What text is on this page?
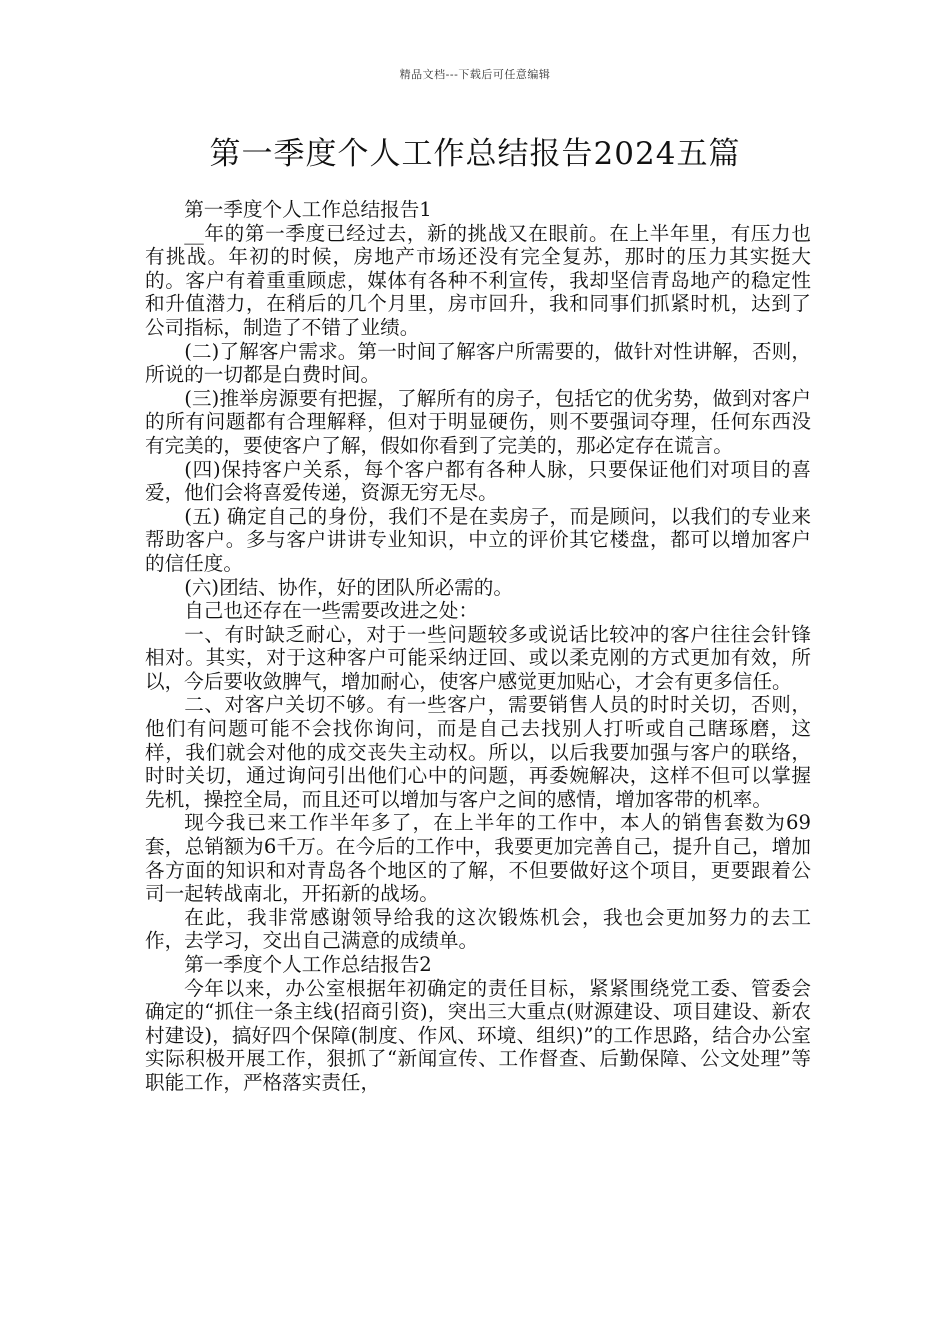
精品文档---下载后可任意编辑
第一季度个人工作总结报告2024五篇

第一季度个人工作总结报告1

__年的第一季度已经过去，新的挑战又在眼前。在上半年里，有压力也有挑战。年初的时候，房地产市场还没有完全复苏，那时的压力其实挺大的。客户有着重重顾虑，媒体有各种不利宣传，我却坚信青岛地产的稳定性和升值潜力，在稍后的几个月里，房市回升，我和同事们抓紧时机，达到了公司指标，制造了不错了业绩。

(二)了解客户需求。第一时间了解客户所需要的，做针对性讲解，否则，所说的一切都是白费时间。

(三)推举房源要有把握，了解所有的房子，包括它的优劣势，做到对客户的所有问题都有合理解释，但对于明显硬伤，则不要强词夺理，任何东西没有完美的，要使客户了解，假如你看到了完美的，那必定存在谎言。

(四)保持客户关系，每个客户都有各种人脉，只要保证他们对项目的喜爱，他们会将喜爱传递，资源无穷无尽。

(五) 确定自己的身份，我们不是在卖房子，而是顾问，以我们的专业来帮助客户。多与客户讲讲专业知识，中立的评价其它楼盘，都可以增加客户的信任度。

(六)团结、协作，好的团队所必需的。

自己也还存在一些需要改进之处：

一、有时缺乏耐心，对于一些问题较多或说话比较冲的客户往往会针锋相对。其实，对于这种客户可能采纳迂回、或以柔克刚的方式更加有效，所以，今后要收敛脾气，增加耐心，使客户感觉更加贴心，才会有更多信任。

二、对客户关切不够。有一些客户，需要销售人员的时时关切，否则，他们有问题可能不会找你询问，而是自己去找别人打听或自己瞎琢磨，这样，我们就会对他的成交丧失主动权。所以，以后我要加强与客户的联络，时时关切，通过询问引出他们心中的问题，再委婉解决，这样不但可以掌握先机，操控全局，而且还可以增加与客户之间的感情，增加客带的机率。

现今我已来工作半年多了，在上半年的工作中，本人的销售套数为69套，总销额为6千万。在今后的工作中，我要更加完善自己，提升自己，增加各方面的知识和对青岛各个地区的了解，不但要做好这个项目，更要跟着公司一起转战南北，开拓新的战场。

在此，我非常感谢领导给我的这次锻炼机会，我也会更加努力的去工作，去学习，交出自己满意的成绩单。

第一季度个人工作总结报告2

今年以来，办公室根据年初确定的责任目标，紧紧围绕党工委、管委会确定的“抓住一条主线(招商引资)，突出三大重点(财源建设、项目建设、新农村建设)，搞好四个保障(制度、作风、环境、组织)”的工作思路，结合办公室实际积极开展工作，狠抓了“新闻宣传、工作督查、后勤保障、公文处理”等职能工作，严格落实责任，
